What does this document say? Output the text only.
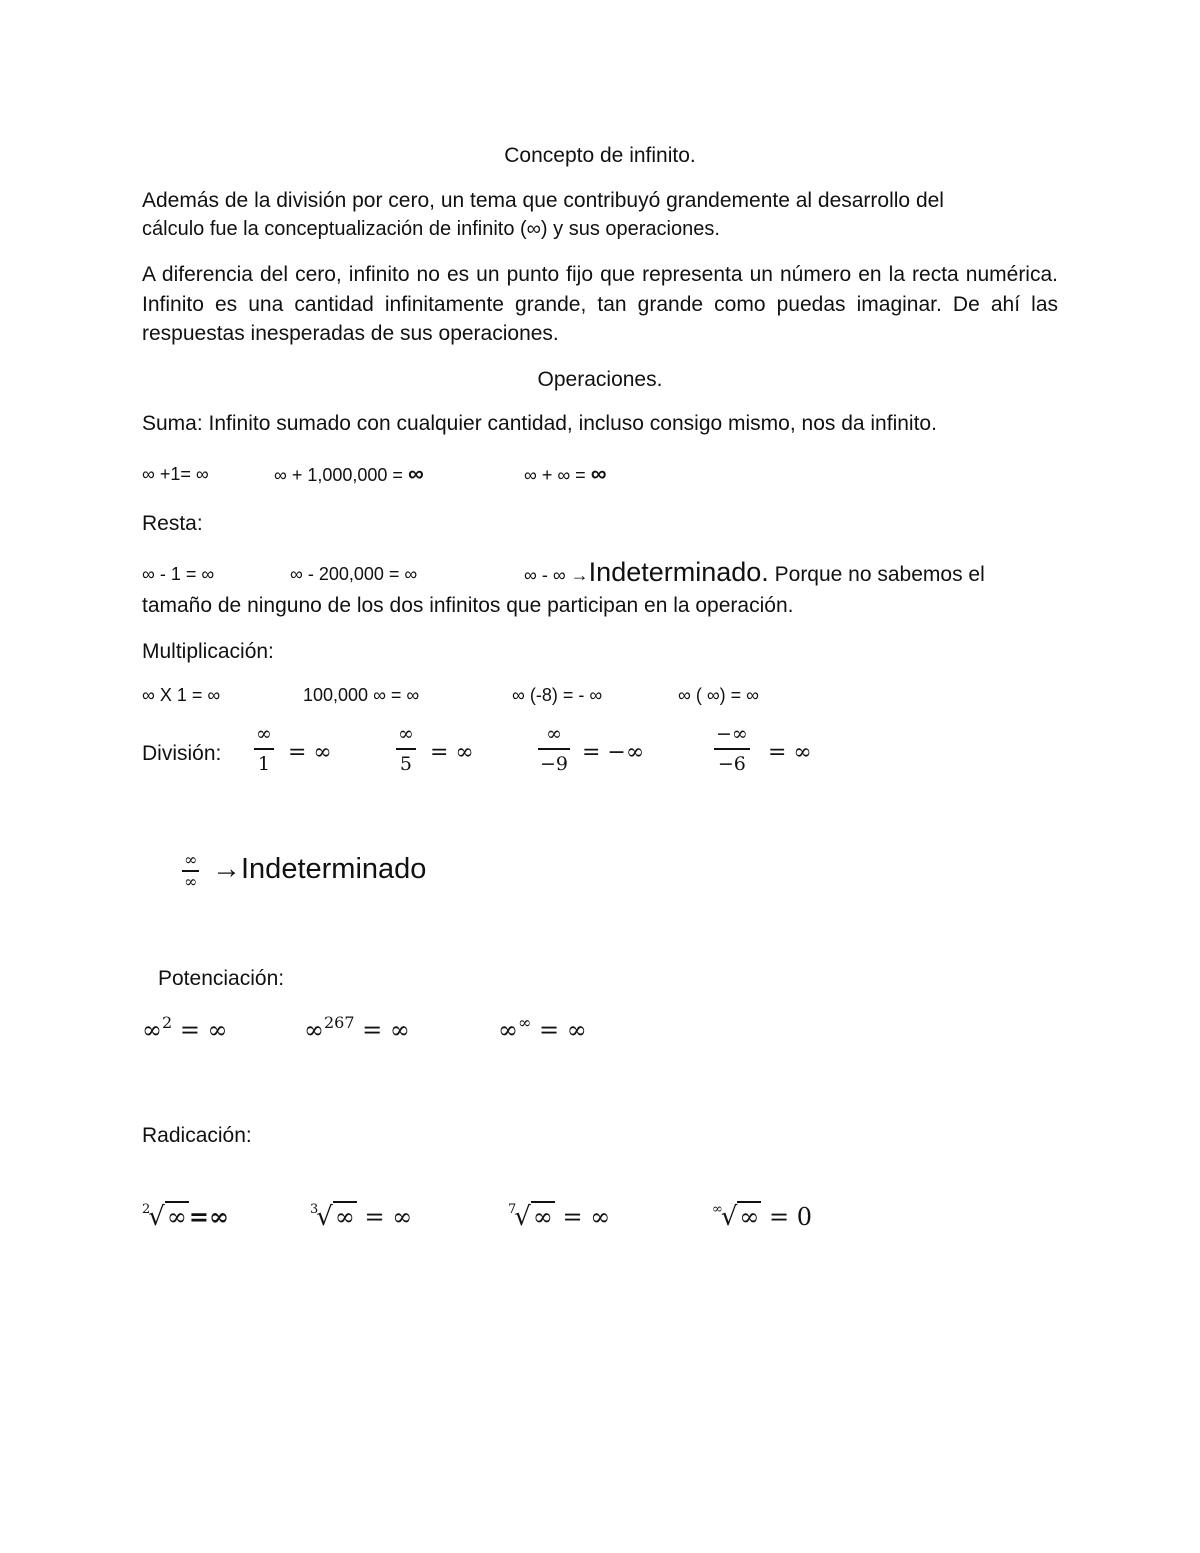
Concepto de infinito.
Además de la división por cero, un tema que contribuyó grandemente al desarrollo del
cálculo fue la conceptualización de infinito (∞) y sus operaciones.
A diferencia del cero, infinito no es un punto fijo que representa un número en la recta numérica. Infinito es una cantidad infinitamente grande, tan grande como puedas imaginar. De ahí las respuestas inesperadas de sus operaciones.
Operaciones.
Suma: Infinito sumado con cualquier cantidad, incluso consigo mismo, nos da infinito.
∞ +1= ∞	∞ + 1,000,000 = ∞	∞ + ∞ = ∞
Resta:
∞ - 1 = ∞	∞ - 200,000 = ∞	∞ - ∞ →Indeterminado. Porque no sabemos el
tamaño de ninguno de los dos infinitos que participan en la operación.
Multiplicación:
∞ X 1 = ∞	100,000 ∞ = ∞	∞ (-8) = - ∞	∞ ( ∞) = ∞
División:
∞
1 = ∞
∞
5 = ∞
∞
−9 = −∞
−∞
−6 = ∞
∞
∞ →Indeterminado
Potenciación:
∞$^2$ = ∞	∞$^{267}$ = ∞	∞∞ = ∞
Radicación:
$^2$√∞=∞	$^3$√∞ = ∞	$^7$√∞ = ∞	∞√∞ = 0
